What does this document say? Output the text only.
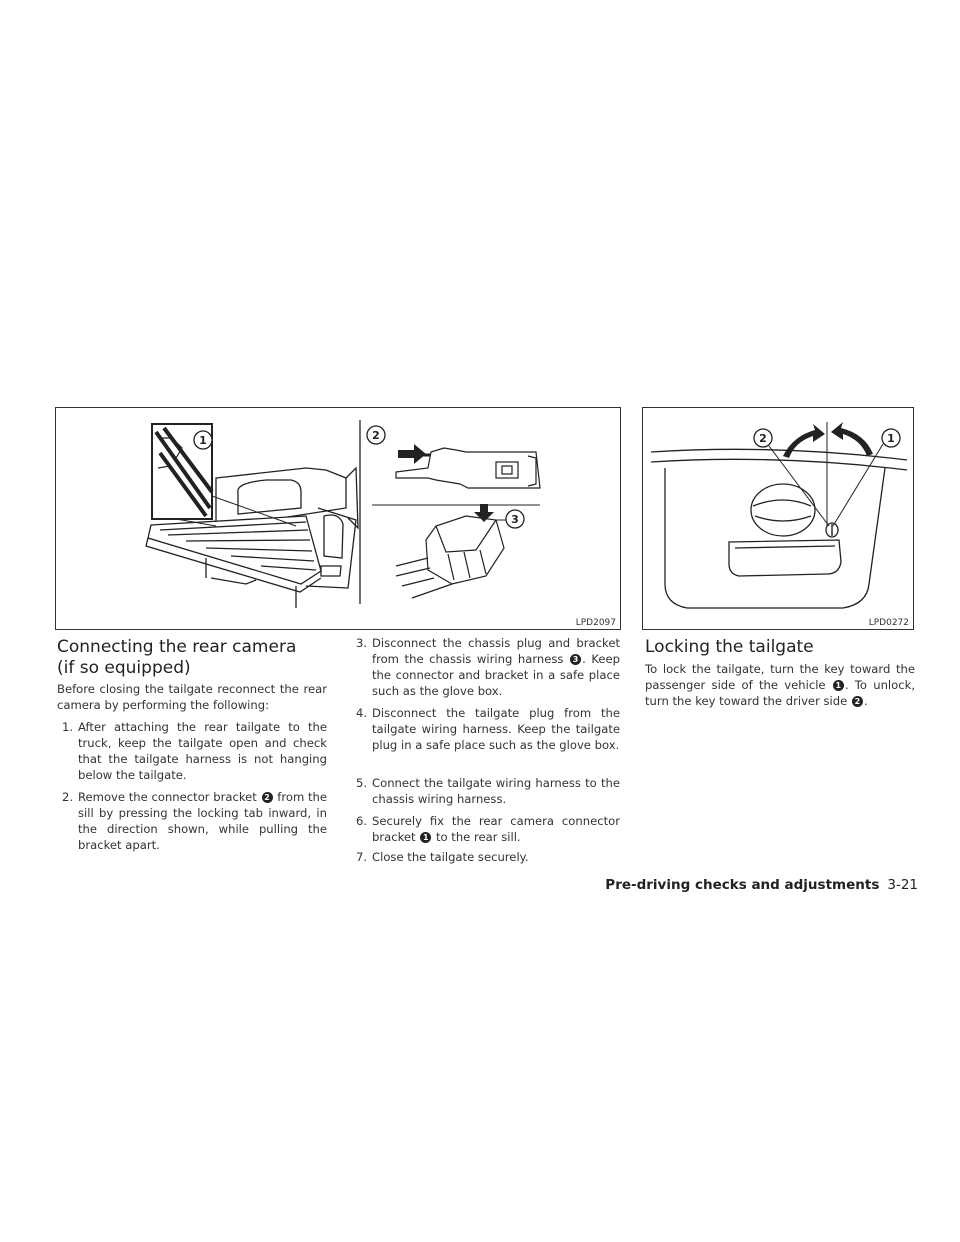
1	2
3
LPD2097
2	1
LPD0272
Connecting the rear camera
(if so equipped)

Before closing the tailgate reconnect the rear camera by performing the following:

1. After attaching the rear tailgate to the truck, keep the tailgate open and check that the tailgate harness is not hanging below the tailgate.
2. Remove the connector bracket 2 from the sill by pressing the locking tab inward, in the direction shown, while pulling the bracket apart.
3. Disconnect the chassis plug and bracket from the chassis wiring harness 3 . Keep the connector and bracket in a safe place such as the glove box.
4. Disconnect the tailgate plug from the tailgate wiring harness. Keep the tailgate plug in a safe place such as the glove box.
5. Connect the tailgate wiring harness to the chassis wiring harness.
6. Securely fix the rear camera connector bracket 1 to the rear sill.
7. Close the tailgate securely.
Locking the tailgate

To lock the tailgate, turn the key toward the passenger side of the vehicle 1 . To unlock, turn the key toward the driver side 2 .

Pre-driving checks and adjustments 3-21
